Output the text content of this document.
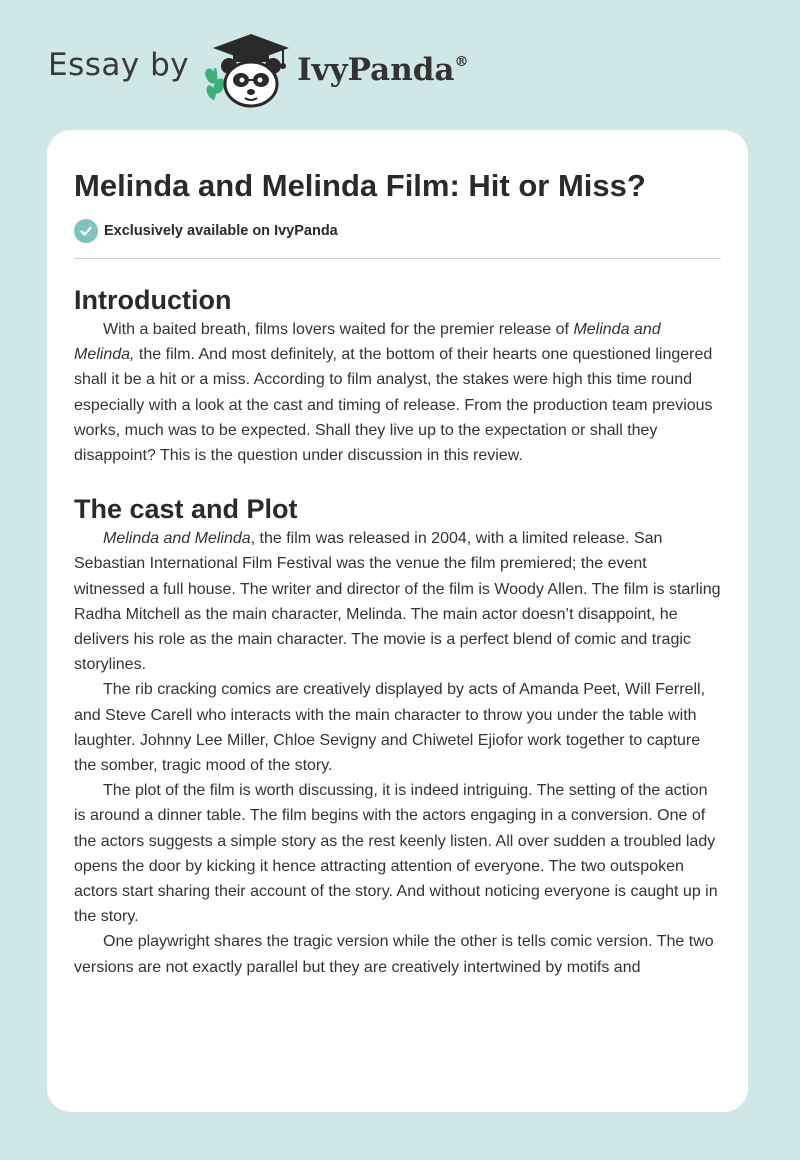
Essay by	IvyPanda®
Melinda and Melinda Film: Hit or Miss?
Exclusively available on IvyPanda
Introduction

With a baited breath, films lovers waited for the premier release of Melinda and Melinda, the film. And most definitely, at the bottom of their hearts one questioned lingered shall it be a hit or a miss. According to film analyst, the stakes were high this time round especially with a look at the cast and timing of release. From the production team previous works, much was to be expected. Shall they live up to the expectation or shall they disappoint? This is the question under discussion in this review.

The cast and Plot

Melinda and Melinda, the film was released in 2004, with a limited release. San Sebastian International Film Festival was the venue the film premiered; the event witnessed a full house. The writer and director of the film is Woody Allen. The film is starling Radha Mitchell as the main character, Melinda. The main actor doesn’t disappoint, he delivers his role as the main character. The movie is a perfect blend of comic and tragic storylines.

The rib cracking comics are creatively displayed by acts of Amanda Peet, Will Ferrell, and Steve Carell who interacts with the main character to throw you under the table with laughter. Johnny Lee Miller, Chloe Sevigny and Chiwetel Ejiofor work together to capture the somber, tragic mood of the story.

The plot of the film is worth discussing, it is indeed intriguing. The setting of the action is around a dinner table. The film begins with the actors engaging in a conversion. One of the actors suggests a simple story as the rest keenly listen. All over sudden a troubled lady opens the door by kicking it hence attracting attention of everyone. The two outspoken actors start sharing their account of the story. And without noticing everyone is caught up in the story.

One playwright shares the tragic version while the other is tells comic version. The two versions are not exactly parallel but they are creatively intertwined by motifs and
